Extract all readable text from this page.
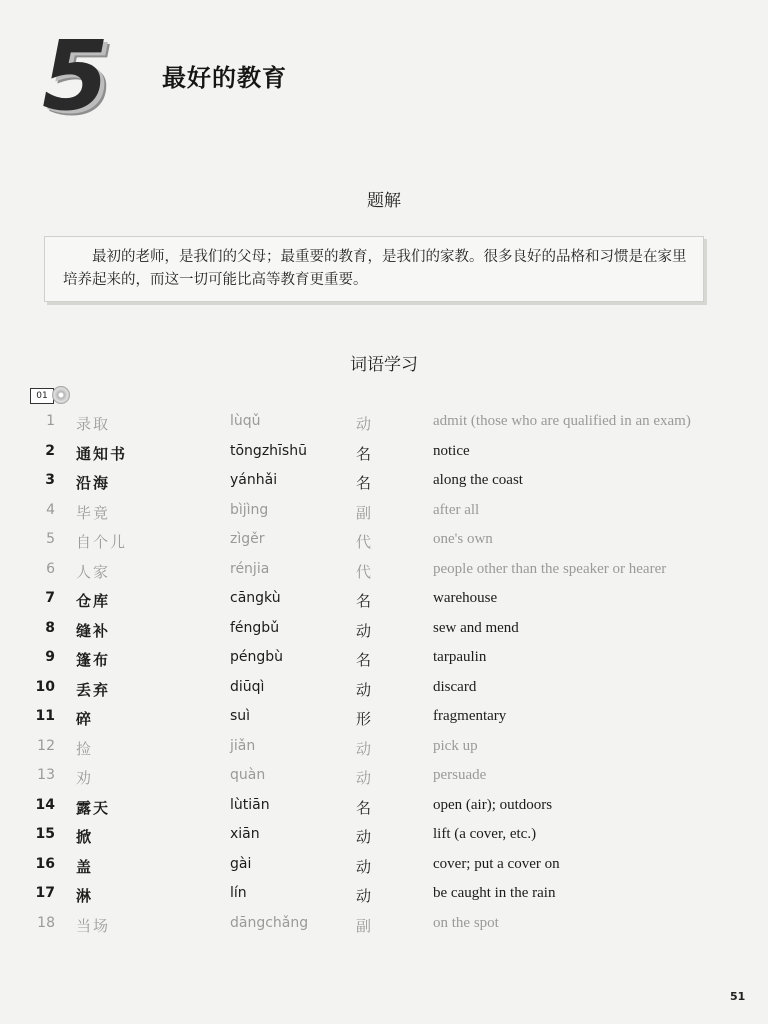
5 最好的教育
题解

最初的老师，是我们的父母；最重要的教育，是我们的家教。很多良好的品格和习惯是在家里培养起来的，而这一切可能比高等教育更重要。

词语学习
01
1 录取	lùqǔ	动	admit (those who are qualified in an exam)
2 通知书	tōngzhīshū	名	notice
3 沿海	yánhǎi	名	along the coast
4 毕竟	bìjìng	副	after all
5 自个儿	zìgěr	代	one's own
6 人家	rénjia	代	people other than the speaker or hearer
7 仓库	cāngkù	名	warehouse
8 缝补	féngbǔ	动	sew and mend
9 篷布	péngbù	名	tarpaulin
10 丢弃	diūqì	动	discard
11 碎	suì	形	fragmentary
12 捡	jiǎn	动	pick up
13 劝	quàn	动	persuade
14 露天	lùtiān	名	open (air); outdoors
15 掀	xiān	动	lift (a cover, etc.)
16 盖	gài	动	cover; put a cover on
17 淋	lín	动	be caught in the rain
18 当场	dāngchǎng	副	on the spot
51
